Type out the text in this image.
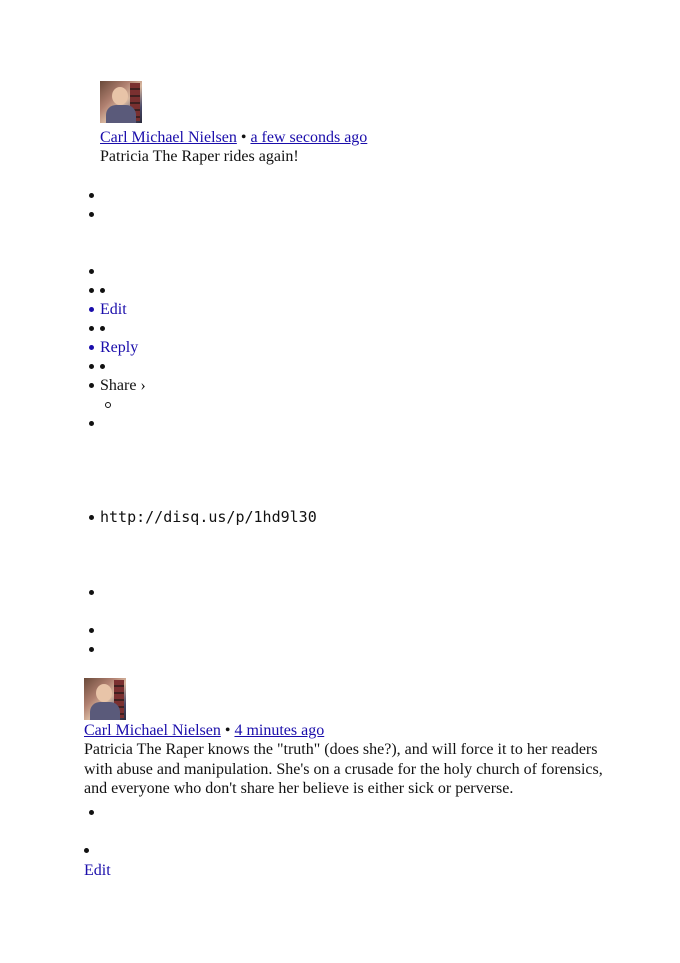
Carl Michael Nielsen • a few seconds ago
Patricia The Raper rides again!
Edit
Reply
Share ›
http://disq.us/p/1hd9l30
Carl Michael Nielsen • 4 minutes ago
Patricia The Raper knows the "truth" (does she?), and will force it to her readers
with abuse and manipulation. She's on a crusade for the holy church of forensics,
and everyone who don't share her believe is either sick or perverse.
Edit
